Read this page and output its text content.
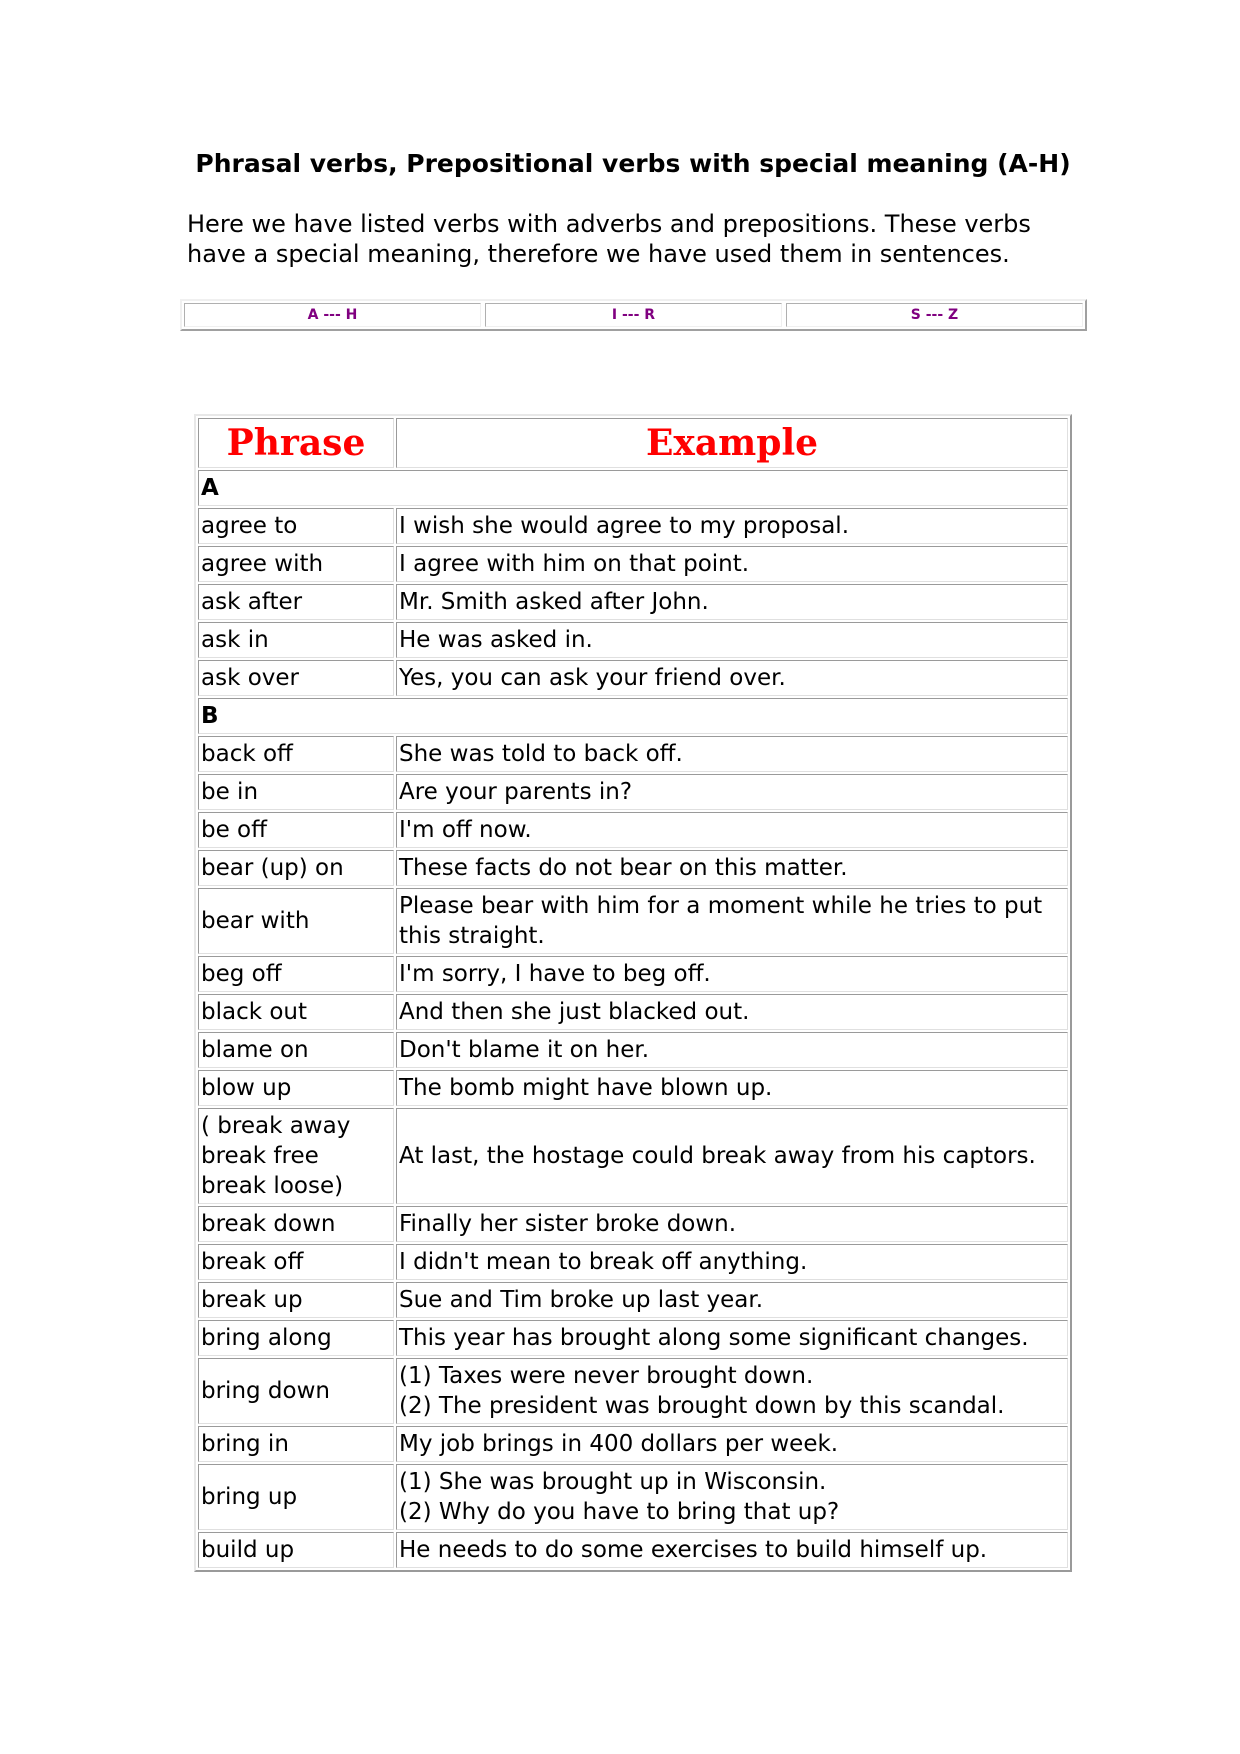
Phrasal verbs, Prepositional verbs with special meaning (A-H)
Here we have listed verbs with adverbs and prepositions. These verbs have a special meaning, therefore we have used them in sentences.
A --- H	I --- R	S --- Z
Phrase	Example
A	
agree to	I wish she would agree to my proposal.

agree with	I agree with him on that point.

ask after	Mr. Smith asked after John.

ask in	He was asked in.

ask over	Yes, you can ask your friend over.

B	
back off	She was told to back off.

be in	Are your parents in?

be off	I'm off now.

bear (up) on	These facts do not bear on this matter.

bear with	Please bear with him for a moment while he tries to put this straight.

beg off	I'm sorry, I have to beg off.

black out	And then she just blacked out.

blame on	Don't blame it on her.

blow up	The bomb might have blown up.

( break away break free break loose)	At last, the hostage could break away from his captors.

break down	Finally her sister broke down.

break off	I didn't mean to break off anything.

break up	Sue and Tim broke up last year.

bring along	This year has brought along some significant changes.

bring down	(1) Taxes were never brought down.
(2) The president was brought down by this scandal.

bring in	My job brings in 400 dollars per week.

bring up	(1) She was brought up in Wisconsin.
(2) Why do you have to bring that up?

build up	He needs to do some exercises to build himself up.
